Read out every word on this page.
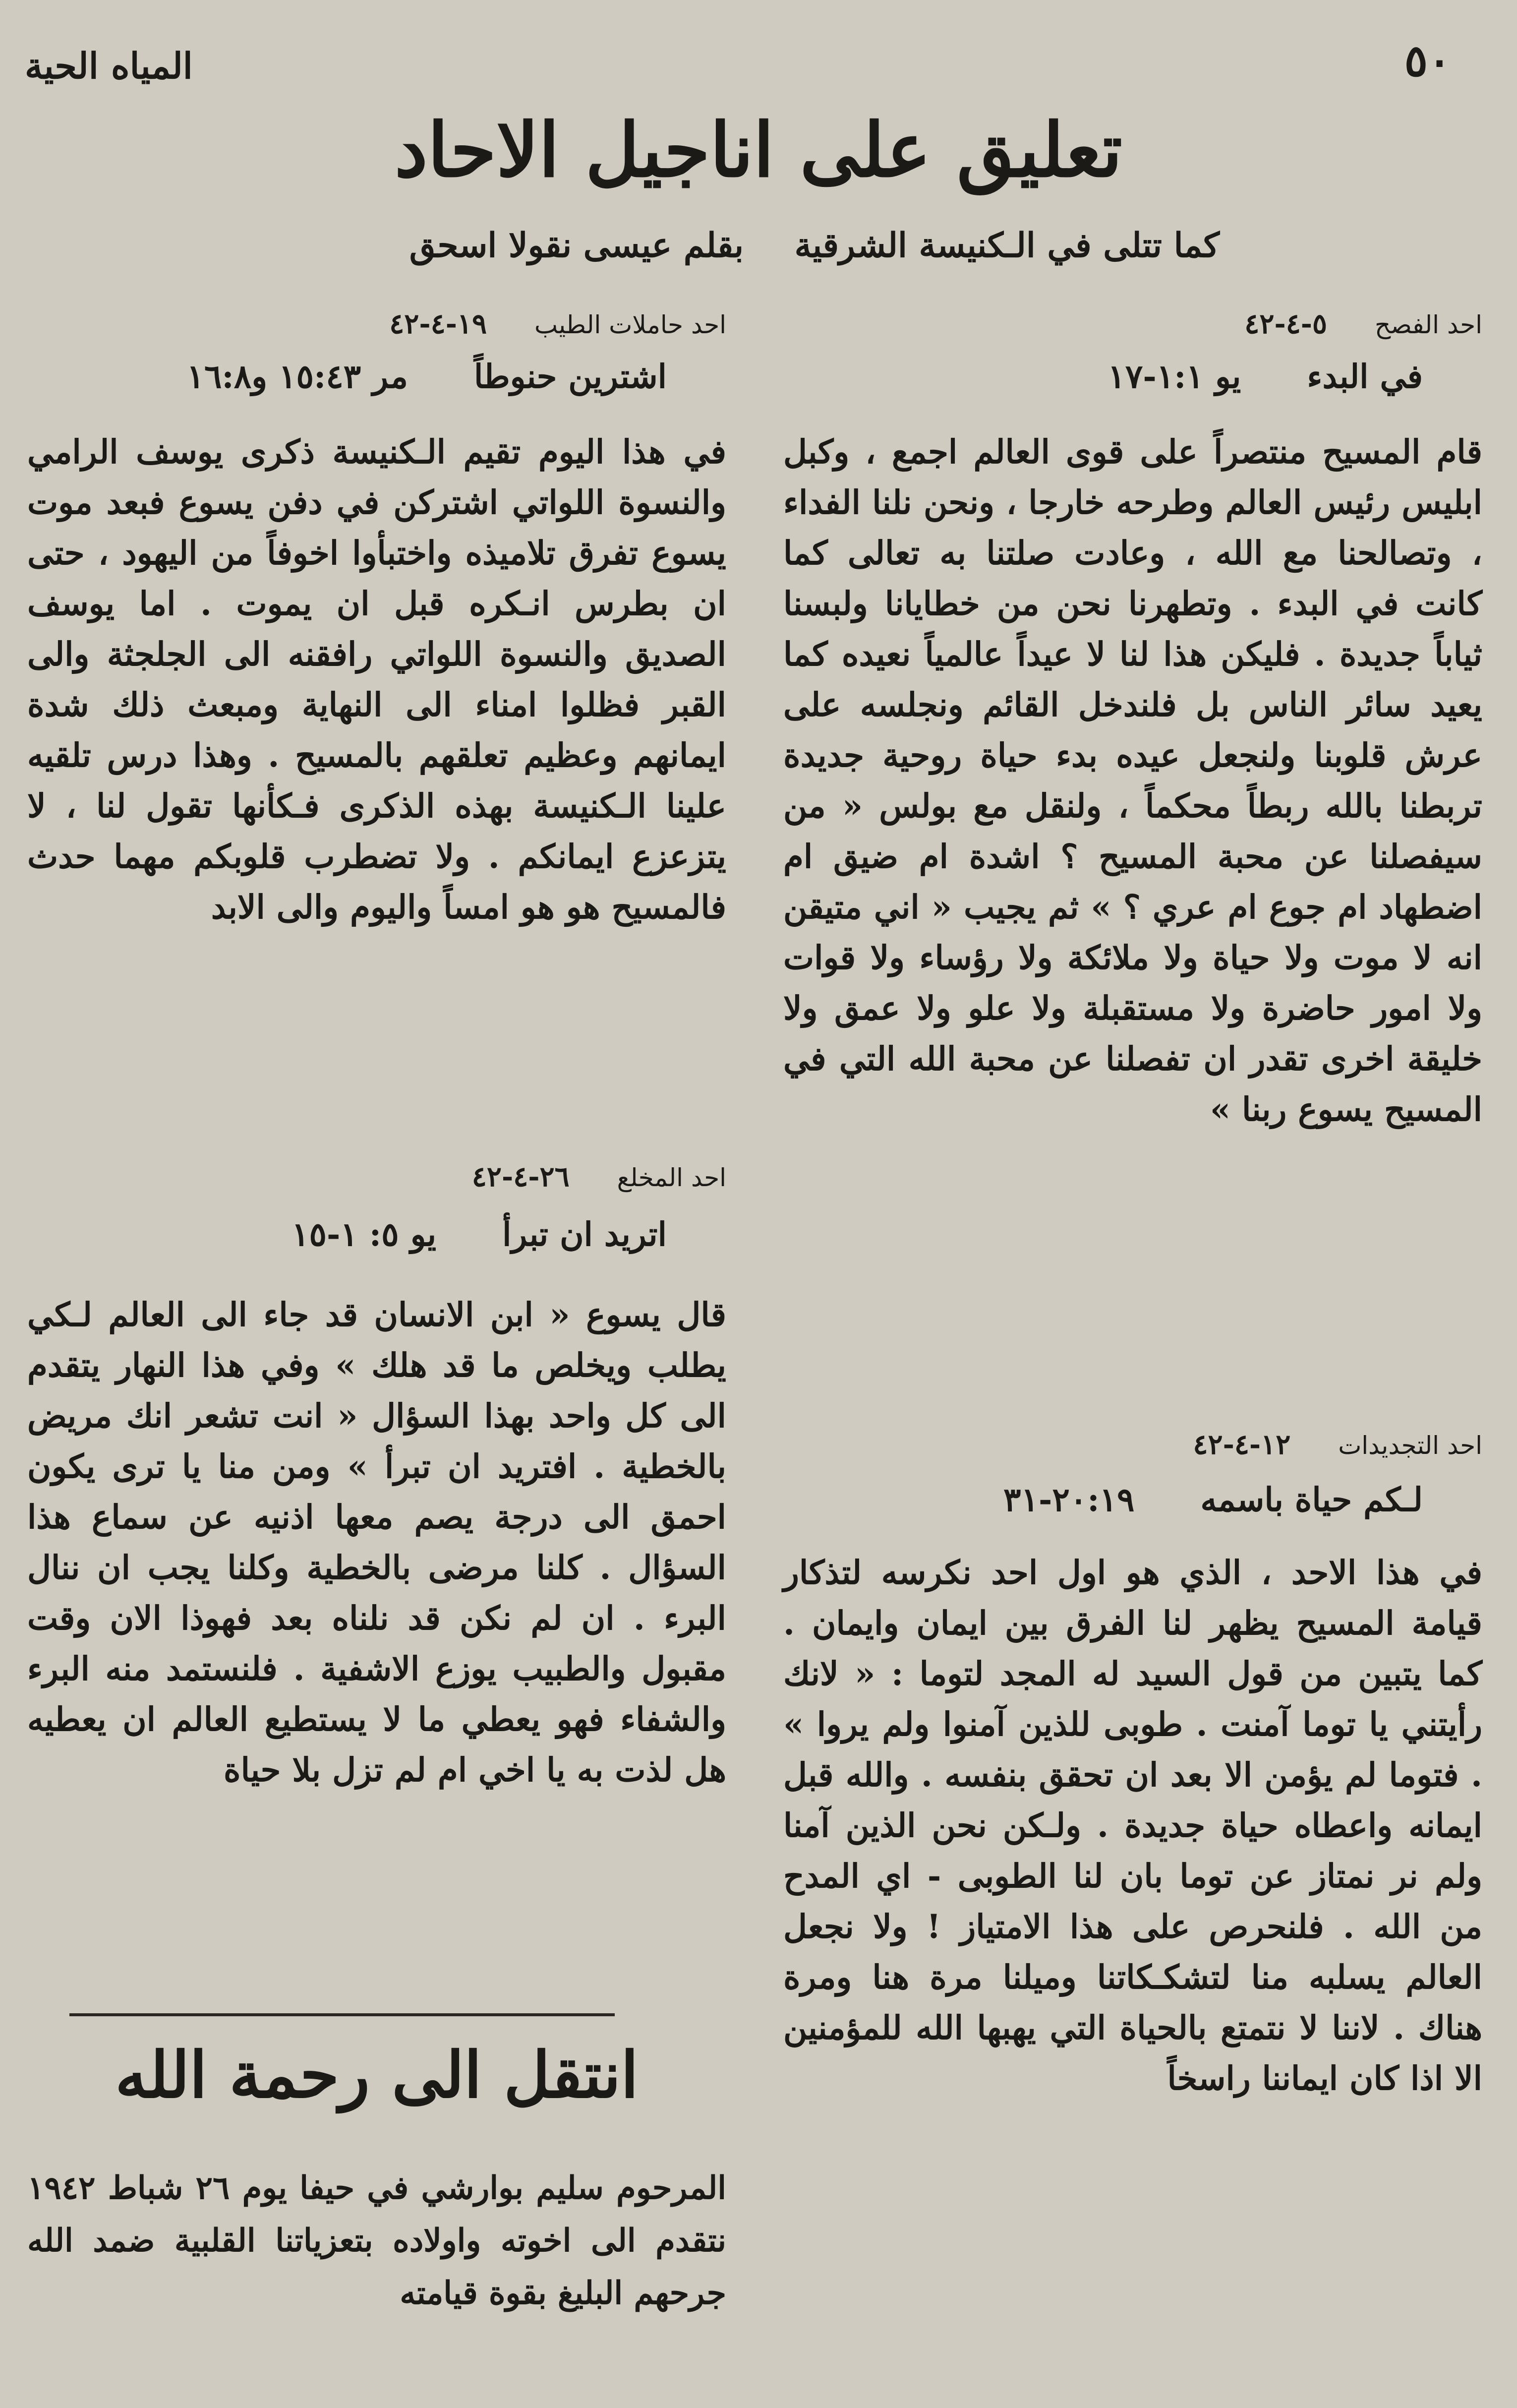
٥٠
المياه الحية
تعليق على اناجيل الاحاد
كما تتلى في الـكنيسة الشرقية
بقلم عيسى نقولا اسحق
احد الفصح ٥-٤-٤٢
في البدء يو ١:١-١٧
قام المسيح منتصراً على قوى العالم اجمع ، وكبل ابليس رئيس العالم وطرحه خارجا ، ونحن نلنا الفداء ، وتصالحنا مع الله ، وعادت صلتنا به تعالى كما كانت في البدء . وتطهرنا نحن من خطايانا ولبسنا ثياباً جديدة . فليكن هذا لنا لا عيداً عالمياً نعيده كما يعيد سائر الناس بل فلندخل القائم ونجلسه على عرش قلوبنا ولنجعل عيده بدء حياة روحية جديدة تربطنا بالله ربطاً محكماً ، ولنقل مع بولس « من سيفصلنا عن محبة المسيح ؟ اشدة ام ضيق ام اضطهاد ام جوع ام عري ؟ » ثم يجيب « اني متيقن انه لا موت ولا حياة ولا ملائكة ولا رؤساء ولا قوات ولا امور حاضرة ولا مستقبلة ولا علو ولا عمق ولا خليقة اخرى تقدر ان تفصلنا عن محبة الله التي في المسيح يسوع ربنا »
احد التجديدات ١٢-٤-٤٢
لـكم حياة باسمه ٢٠:١٩-٣١
في هذا الاحد ، الذي هو اول احد نكرسه لتذكار قيامة المسيح يظهر لنا الفرق بين ايمان وايمان . كما يتبين من قول السيد له المجد لتوما : « لانك رأيتني يا توما آمنت . طوبى للذين آمنوا ولم يروا » . فتوما لم يؤمن الا بعد ان تحقق بنفسه . والله قبل ايمانه واعطاه حياة جديدة . ولـكن نحن الذين آمنا ولم نر نمتاز عن توما بان لنا الطوبى - اي المدح من الله . فلنحرص على هذا الامتياز ! ولا نجعل العالم يسلبه منا لتشكـكاتنا وميلنا مرة هنا ومرة هناك . لاننا لا نتمتع بالحياة التي يهبها الله للمؤمنين الا اذا كان ايماننا راسخاً
احد حاملات الطيب ١٩-٤-٤٢
اشترين حنوطاً مر ١٥:٤٣ و١٦:٨
في هذا اليوم تقيم الـكنيسة ذكرى يوسف الرامي والنسوة اللواتي اشتركن في دفن يسوع فبعد موت يسوع تفرق تلاميذه واختبأوا اخوفاً من اليهود ، حتى ان بطرس انـكره قبل ان يموت . اما يوسف الصديق والنسوة اللواتي رافقنه الى الجلجثة والى القبر فظلوا امناء الى النهاية ومبعث ذلك شدة ايمانهم وعظيم تعلقهم بالمسيح . وهذا درس تلقيه علينا الـكنيسة بهذه الذكرى فـكأنها تقول لنا ، لا يتزعزع ايمانكم . ولا تضطرب قلوبكم مهما حدث فالمسيح هو هو امساً واليوم والى الابد
احد المخلع ٢٦-٤-٤٢
اتريد ان تبرأ يو ٥: ١-١٥
قال يسوع « ابن الانسان قد جاء الى العالم لـكي يطلب ويخلص ما قد هلك » وفي هذا النهار يتقدم الى كل واحد بهذا السؤال « انت تشعر انك مريض بالخطية . افتريد ان تبرأ » ومن منا يا ترى يكون احمق الى درجة يصم معها اذنيه عن سماع هذا السؤال . كلنا مرضى بالخطية وكلنا يجب ان ننال البرء . ان لم نكن قد نلناه بعد فهوذا الان وقت مقبول والطبيب يوزع الاشفية . فلنستمد منه البرء والشفاء فهو يعطي ما لا يستطيع العالم ان يعطيه هل لذت به يا اخي ام لم تزل بلا حياة
انتقل الى رحمة الله
المرحوم سليم بوارشي في حيفا يوم ٢٦ شباط ١٩٤٢ نتقدم الى اخوته واولاده بتعزياتنا القلبية ضمد الله جرحهم البليغ بقوة قيامته
